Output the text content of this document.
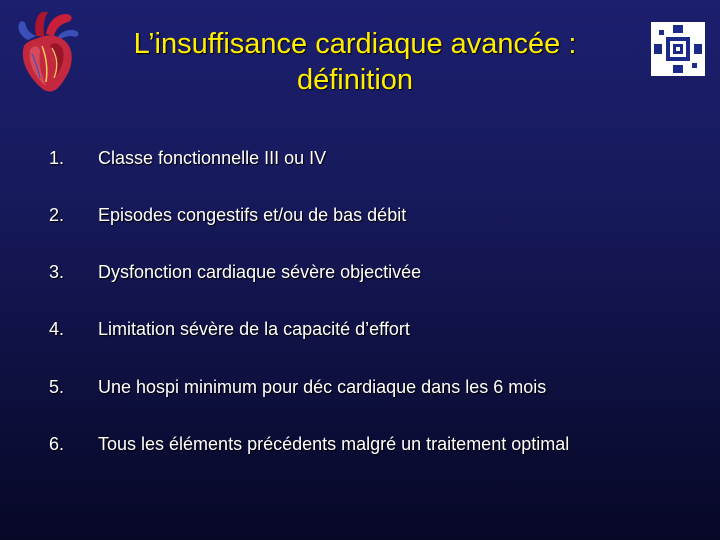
L’insuffisance cardiaque avancée :
définition
1. Classe fonctionnelle III ou IV
2. Episodes congestifs et/ou de bas débit
3. Dysfonction cardiaque sévère objectivée
4. Limitation sévère de la capacité d’effort
5. Une hospi minimum pour déc cardiaque dans les 6 mois
6. Tous les éléments précédents malgré un traitement optimal
